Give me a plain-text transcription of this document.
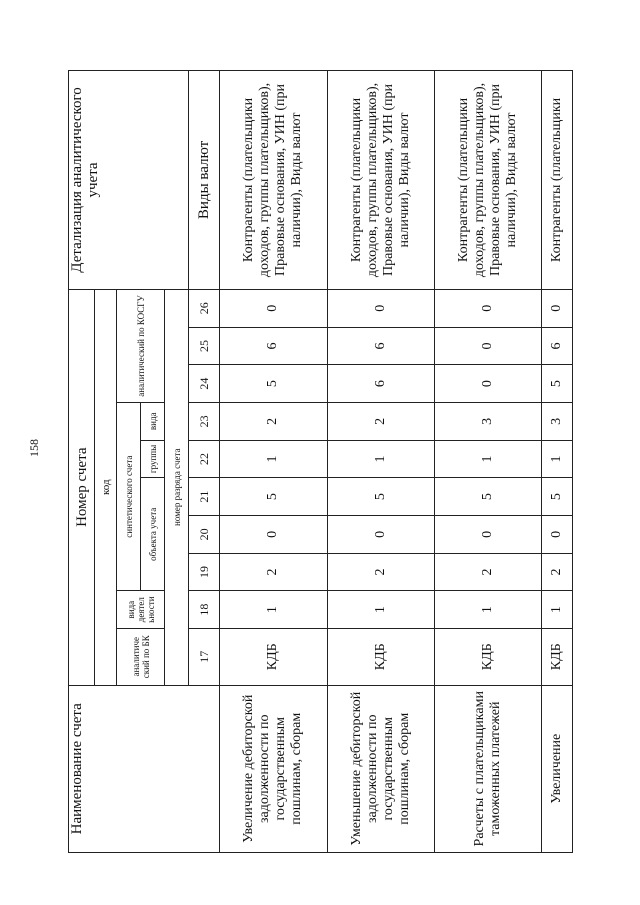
158
Наименование счета	Номер счета										Детализация аналитического учета
	код										
	аналитиче ский по БК	вида деятел ьности	синтетического счета					аналитический по КОСГУ			
			объекта учета			группы	вида				
	номер разряда счета										
	17	18	19	20	21	22	23	24	25	26	Виды валют
Увеличение дебиторской задолженности по государственным пошлинам, сборам	КДБ	1	2	0	5	1	2	5	6	0	Контрагенты (плательщики доходов, группы плательщиков), Правовые основания, УИН (при наличии), Виды валют
Уменьшение дебиторской задолженности по государственным пошлинам, сборам	КДБ	1	2	0	5	1	2	6	6	0	Контрагенты (плательщики доходов, группы плательщиков), Правовые основания, УИН (при наличии), Виды валют
Расчеты с плательщиками таможенных платежей	КДБ	1	2	0	5	1	3	0	0	0	Контрагенты (плательщики доходов, группы плательщиков), Правовые основания, УИН (при наличии), Виды валют
Увеличение	КДБ	1	2	0	5	1	3	5	6	0	Контрагенты (плательщики
